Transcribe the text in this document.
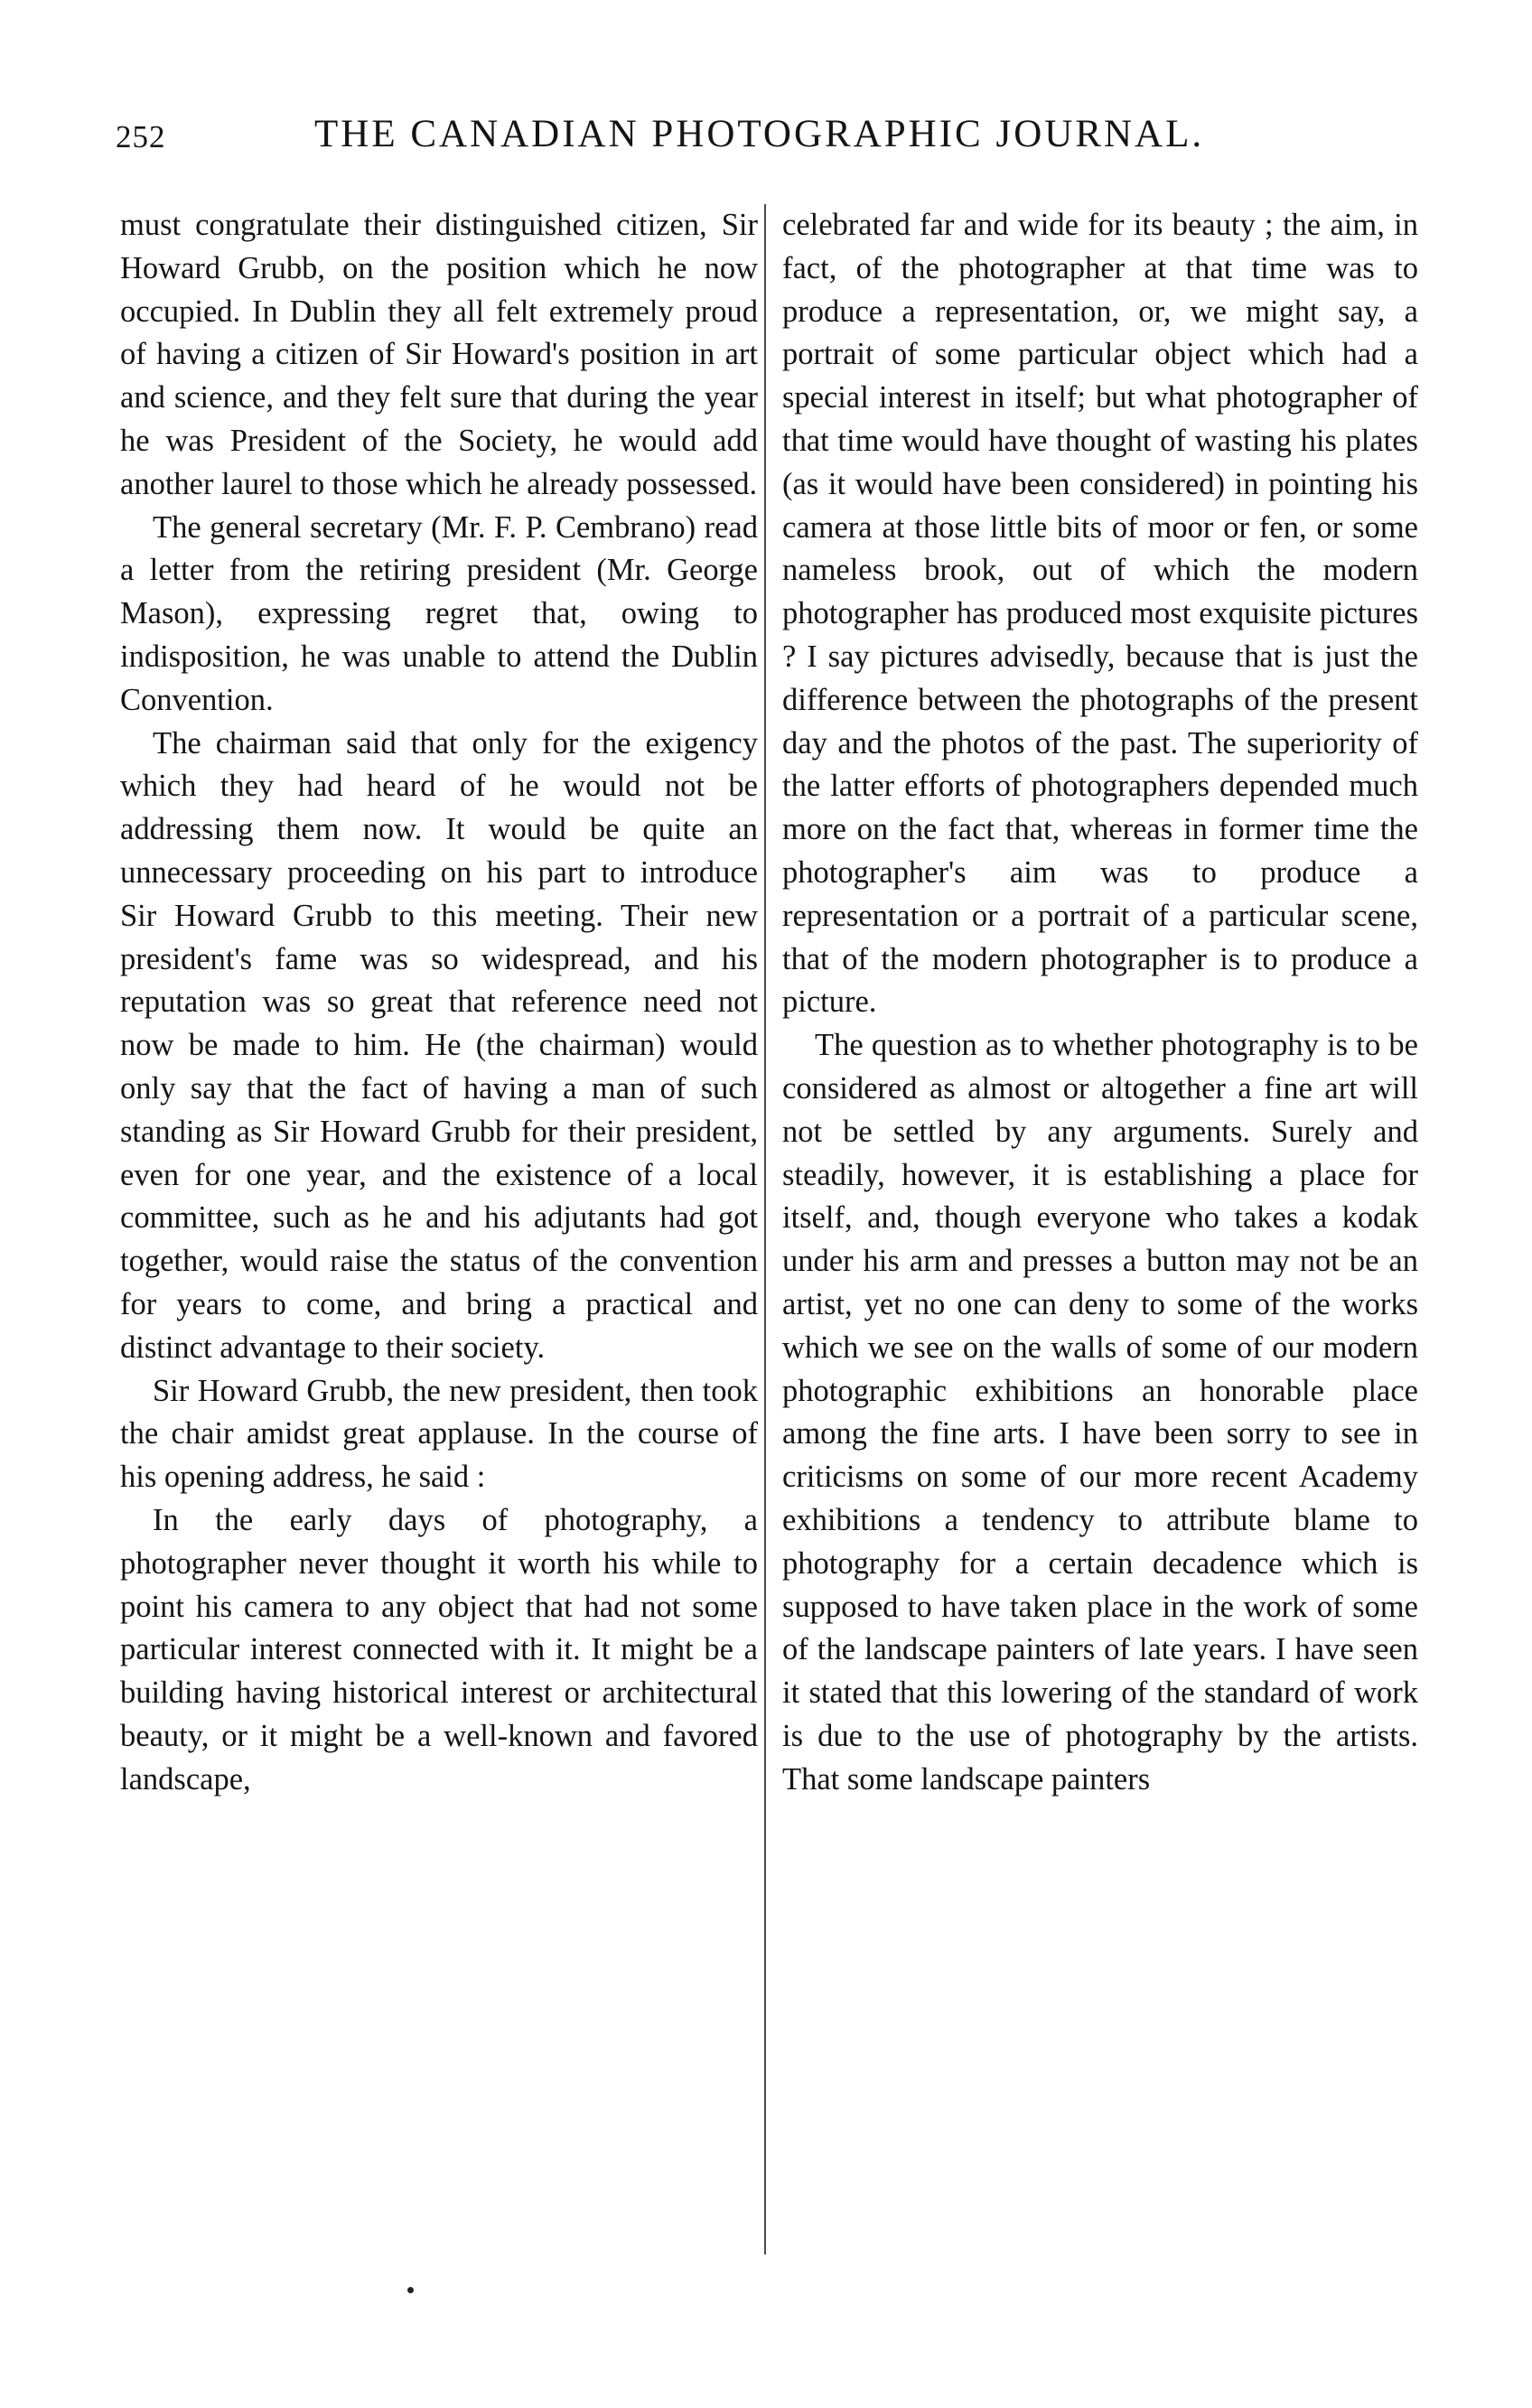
252	THE CANADIAN PHOTOGRAPHIC JOURNAL.

must congratulate their distinguished citizen, Sir Howard Grubb, on the position which he now occupied. In Dublin they all felt extremely proud of having a citizen of Sir Howard's position in art and science, and they felt sure that during the year he was President of the Society, he would add another laurel to those which he already possessed.

The general secretary (Mr. F. P. Cembrano) read a letter from the retiring president (Mr. George Mason), expressing regret that, owing to indisposition, he was unable to attend the Dublin Convention.

The chairman said that only for the exigency which they had heard of he would not be addressing them now. It would be quite an unnecessary proceeding on his part to introduce Sir Howard Grubb to this meeting. Their new president's fame was so widespread, and his reputation was so great that reference need not now be made to him. He (the chairman) would only say that the fact of having a man of such standing as Sir Howard Grubb for their president, even for one year, and the existence of a local committee, such as he and his adjutants had got together, would raise the status of the convention for years to come, and bring a practical and distinct advantage to their society.

Sir Howard Grubb, the new president, then took the chair amidst great applause. In the course of his opening address, he said :

In the early days of photography, a photographer never thought it worth his while to point his camera to any object that had not some particular interest connected with it. It might be a building having historical interest or architectural beauty, or it might be a well-known and favored landscape,

celebrated far and wide for its beauty ; the aim, in fact, of the photographer at that time was to produce a representation, or, we might say, a portrait of some particular object which had a special interest in itself; but what photographer of that time would have thought of wasting his plates (as it would have been considered) in pointing his camera at those little bits of moor or fen, or some nameless brook, out of which the modern photographer has produced most exquisite pictures ? I say pictures advisedly, because that is just the difference between the photographs of the present day and the photos of the past. The superiority of the latter efforts of photographers depended much more on the fact that, whereas in former time the photographer's aim was to produce a representation or a portrait of a particular scene, that of the modern photographer is to produce a picture.

The question as to whether photography is to be considered as almost or altogether a fine art will not be settled by any arguments. Surely and steadily, however, it is establishing a place for itself, and, though everyone who takes a kodak under his arm and presses a button may not be an artist, yet no one can deny to some of the works which we see on the walls of some of our modern photographic exhibitions an honorable place among the fine arts. I have been sorry to see in criticisms on some of our more recent Academy exhibitions a tendency to attribute blame to photography for a certain decadence which is supposed to have taken place in the work of some of the landscape painters of late years. I have seen it stated that this lowering of the standard of work is due to the use of photography by the artists. That some landscape painters
